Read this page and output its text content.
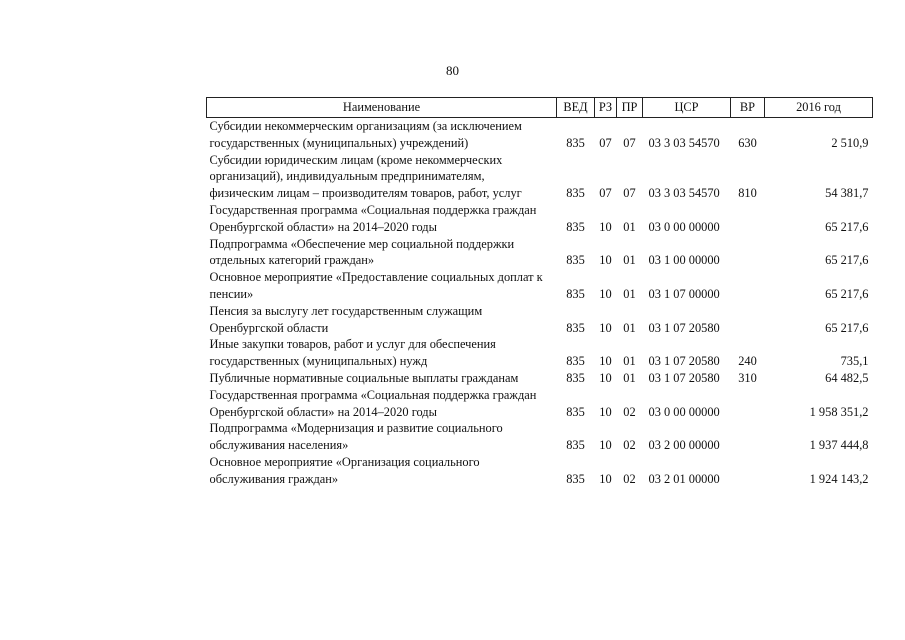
80
Наименование	ВЕД	РЗ	ПР	ЦСР	ВР	2016 год
Субсидии некоммерческим организациям (за исключением государственных (муниципальных) учреждений)	835	07	07	03 3 03 54570	630	2 510,9
Субсидии юридическим лицам (кроме некоммерческих организаций), индивидуальным предпринимателям, физическим лицам – производителям товаров, работ, услуг	835	07	07	03 3 03 54570	810	54 381,7
Государственная программа «Социальная поддержка граждан Оренбургской области» на 2014–2020 годы	835	10	01	03 0 00 00000		65 217,6
Подпрограмма «Обеспечение мер социальной поддержки отдельных категорий граждан»	835	10	01	03 1 00 00000		65 217,6
Основное мероприятие «Предоставление социальных доплат к пенсии»	835	10	01	03 1 07 00000		65 217,6
Пенсия за выслугу лет государственным служащим Оренбургской области	835	10	01	03 1 07 20580		65 217,6
Иные закупки товаров, работ и услуг для обеспечения государственных (муниципальных) нужд	835	10	01	03 1 07 20580	240	735,1
Публичные нормативные социальные выплаты гражданам	835	10	01	03 1 07 20580	310	64 482,5
Государственная программа «Социальная поддержка граждан Оренбургской области» на 2014–2020 годы	835	10	02	03 0 00 00000		1 958 351,2
Подпрограмма «Модернизация и развитие социального обслуживания населения»	835	10	02	03 2 00 00000		1 937 444,8
Основное мероприятие «Организация социального обслуживания граждан»	835	10	02	03 2 01 00000		1 924 143,2
